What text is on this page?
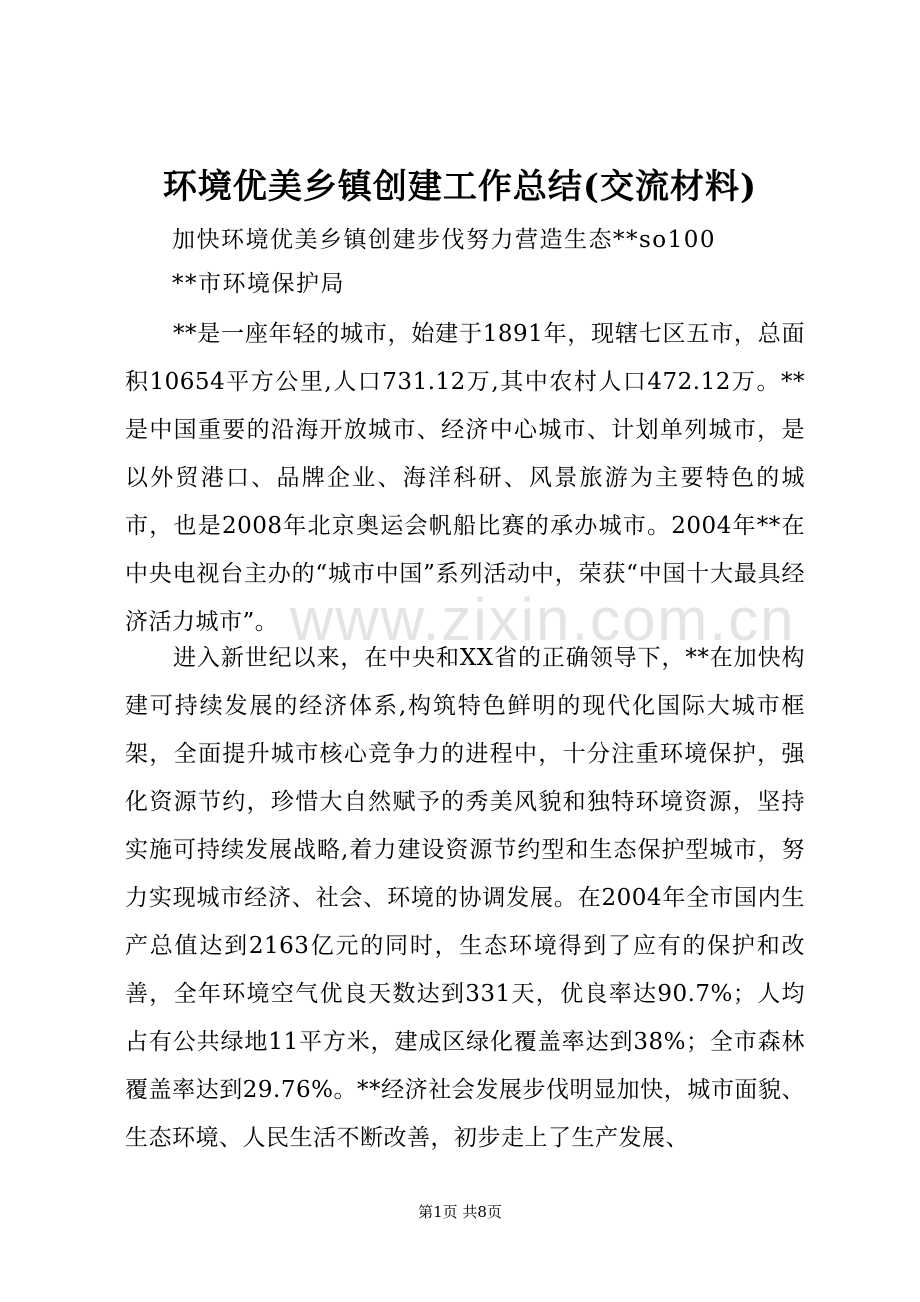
www.zixin.com.cn
环境优美乡镇创建工作总结(交流材料)
加快环境优美乡镇创建步伐努力营造生态**so100
**市环境保护局

**是一座年轻的城市，始建于1891年，现辖七区五市，总面积10654平方公里,人口731.12万,其中农村人口472.12万。**是中国重要的沿海开放城市、经济中心城市、计划单列城市，是以外贸港口、品牌企业、海洋科研、风景旅游为主要特色的城市，也是2008年北京奥运会帆船比赛的承办城市。2004年**在中央电视台主办的“城市中国”系列活动中，荣获“中国十大最具经济活力城市”。

进入新世纪以来，在中央和XX省的正确领导下，**在加快构建可持续发展的经济体系,构筑特色鲜明的现代化国际大城市框架，全面提升城市核心竞争力的进程中，十分注重环境保护，强化资源节约，珍惜大自然赋予的秀美风貌和独特环境资源，坚持实施可持续发展战略,着力建设资源节约型和生态保护型城市，努力实现城市经济、社会、环境的协调发展。在2004年全市国内生产总值达到2163亿元的同时，生态环境得到了应有的保护和改善，全年环境空气优良天数达到331天，优良率达90.7%；人均占有公共绿地11平方米，建成区绿化覆盖率达到38%；全市森林覆盖率达到29.76%。**经济社会发展步伐明显加快，城市面貌、生态环境、人民生活不断改善，初步走上了生产发展、

第1页 共8页
